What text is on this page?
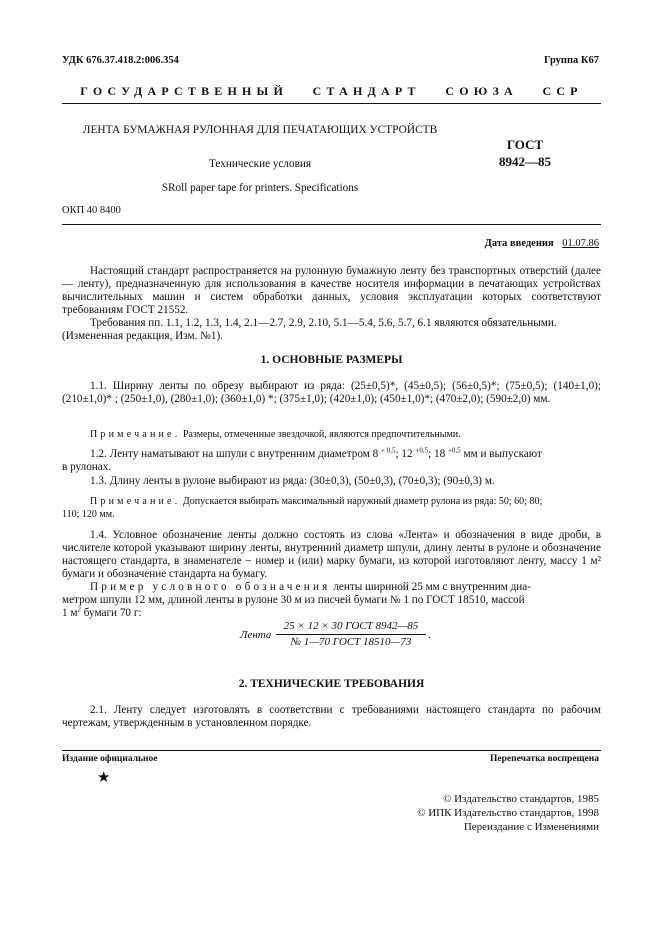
УДК 676.37.418.2:006.354	Группа К67
ГОСУДАРСТВЕННЫЙ   СТАНДАРТ   СОЮЗА   ССР
ЛЕНТА БУМАЖНАЯ РУЛОННАЯ ДЛЯ ПЕЧАТАЮЩИХ УСТРОЙСТВ
Технические условия
SRoll paper tape for printers. Specifications
ГОСТ
8942—85
ОКП 40 8400
Дата введения 01.07.86
Настоящий стандарт распространяется на рулонную бумажную ленту без транспортных отверстий (далее — ленту), предназначенную для использования в качестве носителя информации в печатающих устройствах вычислительных машин и систем обработки данных, условия эксплуатации которых соответствуют требованиям ГОСТ 21552.
Требования пп. 1.1, 1.2, 1.3, 1.4, 2.1—2.7, 2.9, 2.10, 5.1—5.4, 5.6, 5.7, 6.1 являются обязательными.
(Измененная редакция, Изм. №1).
1. ОСНОВНЫЕ РАЗМЕРЫ
1.1. Ширину ленты по обрезу выбирают из ряда: (25±0,5)*, (45±0,5); (56±0,5)*; (75±0,5); (140±1,0); (210±1,0)* ; (250±1,0), (280±1,0); (360±1,0) *; (375±1,0); (420±1,0); (450±1,0)*; (470±2,0); (590±2,0) мм.
Примечание. Размеры, отмеченные звездочкой, являются предпочтительными.
1.2. Ленту наматывают на шпули с внутренним диаметром 8 $^{+ 0,5}$; 12 $^{+0,5}$; 18 $^{+0,5}$ мм и выпускают
в рулонах.
1.3. Длину ленты в рулоне выбирают из ряда: (30±0,3), (50±0,3), (70±0,3); (90±0,3) м.
Примечание. Допускается выбирать максимальный наружный диаметр рулона из ряда: 50; 60; 80;
110; 120 мм.
1.4. Условное обозначение ленты должно состоять из слова «Лента» и обозначения в виде дроби, в числителе которой указывают ширину ленты, внутренний диаметр шпули, длину ленты в рулоне и обозначение настоящего стандарта, в знаменателе − номер и (или) марку бумаги, из которой изготовляют ленту, массу 1 м² бумаги и обозначение стандарта на бумагу.
Пример условного обозначения ленты шириной 25 мм с внутренним диа-
метром шпули 12 мм, длиной ленты в рулоне 30 м из писчей бумаги № 1 по ГОСТ 18510, массой
1 $м^2$ бумаги 70 г:
Лента
25 × 12 × 30 ГОСТ 8942—85
№ 1—70 ГОСТ 18510—73
.
2. ТЕХНИЧЕСКИЕ ТРЕБОВАНИЯ
2.1. Ленту следует изготовлять в соответствии с требованиями настоящего стандарта по рабочим чертежам, утвержденным в установленном порядке.
Издание официальное	Перепечатка воспрещена
★
© Издательство стандартов, 1985
© ИПК Издательство стандартов, 1998
Переиздание с Изменениями
